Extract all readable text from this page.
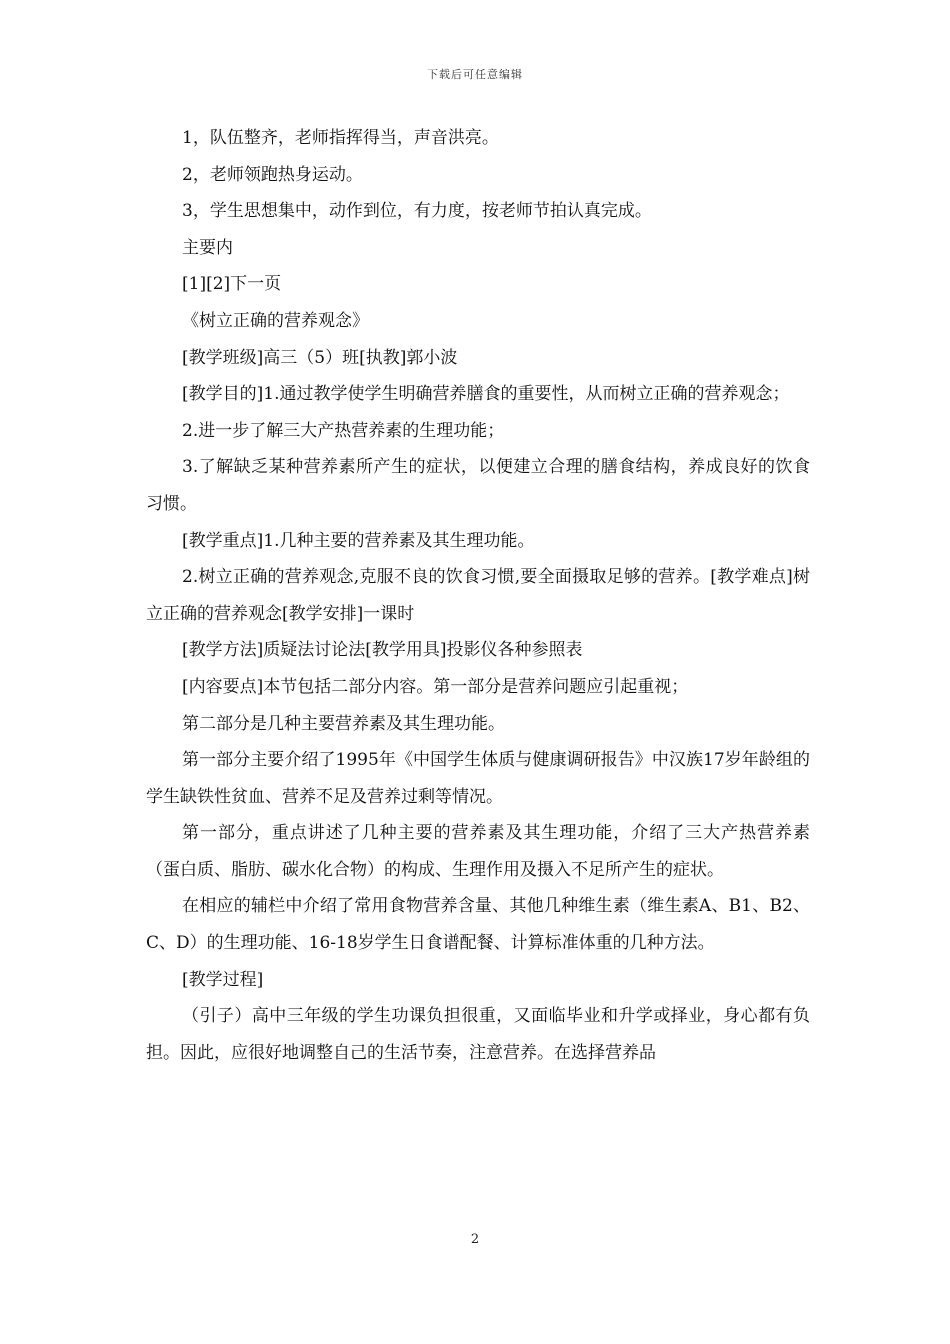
下载后可任意编辑

1，队伍整齐，老师指挥得当，声音洪亮。

2，老师领跑热身运动。

3，学生思想集中，动作到位，有力度，按老师节拍认真完成。

主要内

[1][2]下一页

《树立正确的营养观念》

[教学班级]高三（5）班[执教]郭小波

[教学目的]1.通过教学使学生明确营养膳食的重要性，从而树立正确的营养观念；

2.进一步了解三大产热营养素的生理功能；

3.了解缺乏某种营养素所产生的症状，以便建立合理的膳食结构，养成良好的饮食习惯。

[教学重点]1.几种主要的营养素及其生理功能。

2.树立正确的营养观念,克服不良的饮食习惯,要全面摄取足够的营养。[教学难点]树立正确的营养观念[教学安排]一课时

[教学方法]质疑法讨论法[教学用具]投影仪各种参照表

[内容要点]本节包括二部分内容。第一部分是营养问题应引起重视；

第二部分是几种主要营养素及其生理功能。

第一部分主要介绍了1995年《中国学生体质与健康调研报告》中汉族17岁年龄组的学生缺铁性贫血、营养不足及营养过剩等情况。

第一部分，重点讲述了几种主要的营养素及其生理功能，介绍了三大产热营养素（蛋白质、脂肪、碳水化合物）的构成、生理作用及摄入不足所产生的症状。

在相应的辅栏中介绍了常用食物营养含量、其他几种维生素（维生素A、B1、B2、C、D）的生理功能、16-18岁学生日食谱配餐、计算标准体重的几种方法。

[教学过程]

（引子）高中三年级的学生功课负担很重，又面临毕业和升学或择业，身心都有负担。因此，应很好地调整自己的生活节奏，注意营养。在选择营养品

2
